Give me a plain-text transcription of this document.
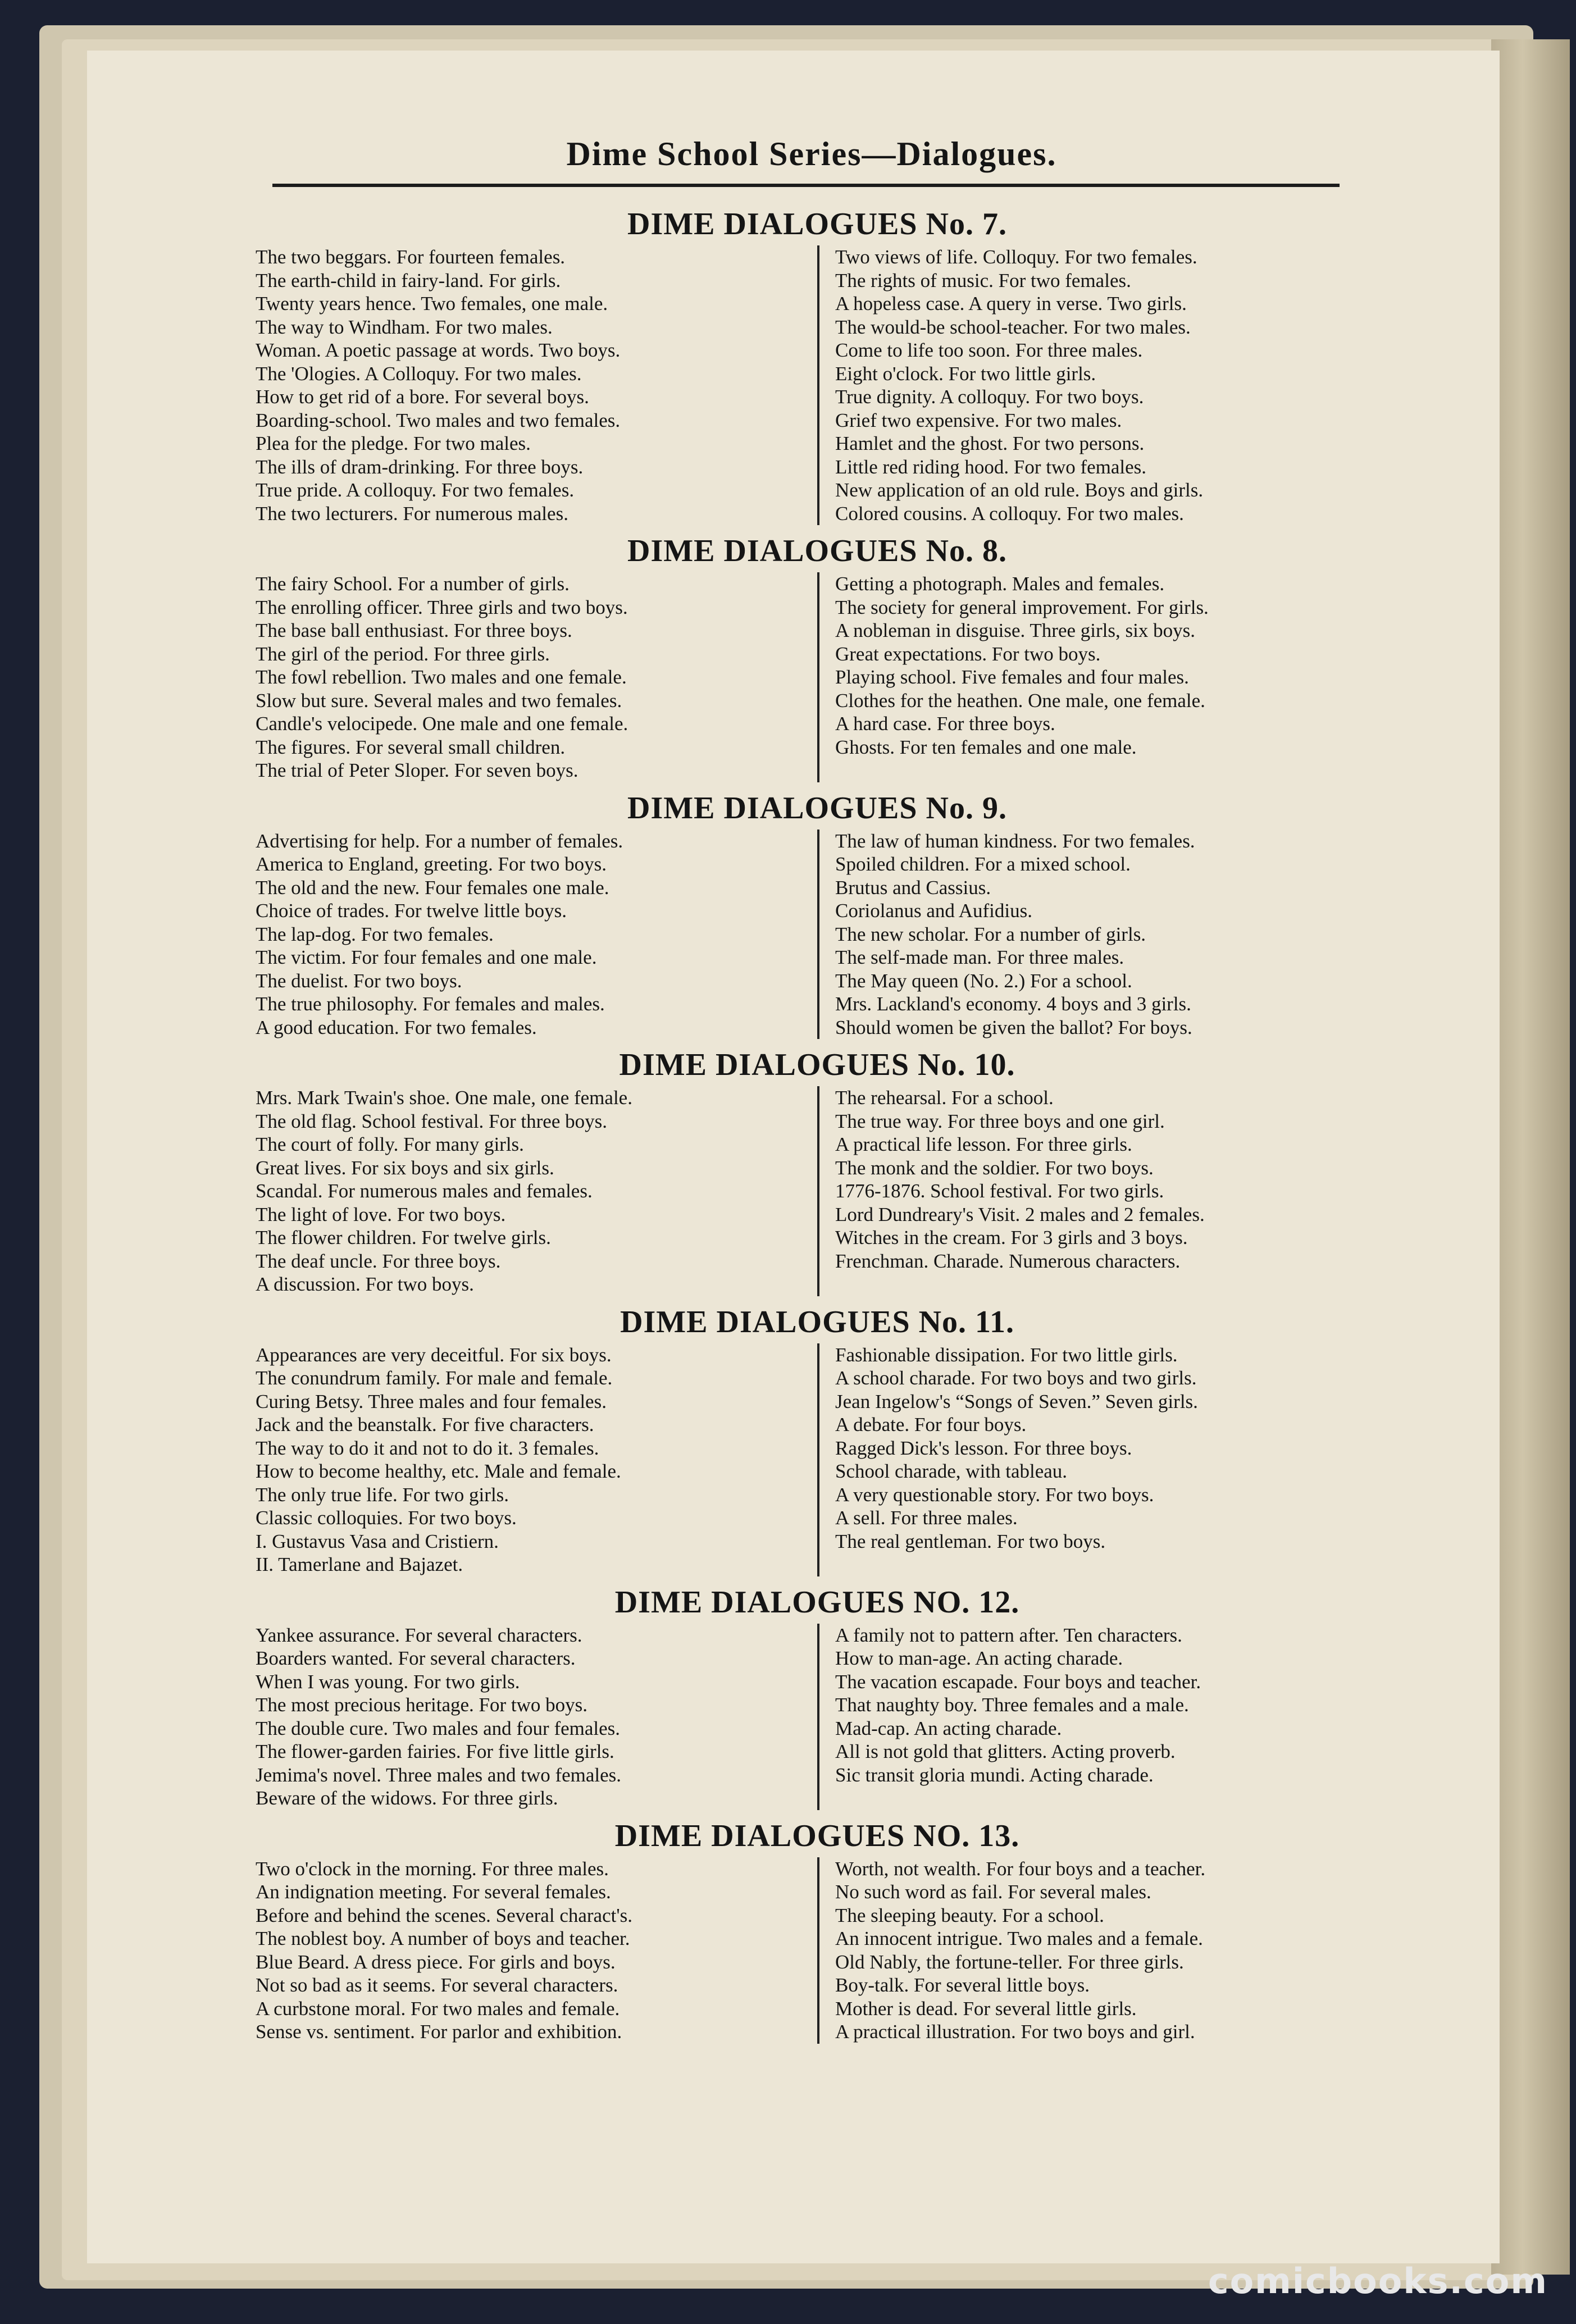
Dime School Series—Dialogues.
DIME DIALOGUES No. 7.
The two beggars. For fourteen females.
The earth-child in fairy-land. For girls.
Twenty years hence. Two females, one male.
The way to Windham. For two males.
Woman. A poetic passage at words. Two boys.
The 'Ologies. A Colloquy. For two males.
How to get rid of a bore. For several boys.
Boarding-school. Two males and two females.
Plea for the pledge. For two males.
The ills of dram-drinking. For three boys.
True pride. A colloquy. For two females.
The two lecturers. For numerous males.
Two views of life. Colloquy. For two females.
The rights of music. For two females.
A hopeless case. A query in verse. Two girls.
The would-be school-teacher. For two males.
Come to life too soon. For three males.
Eight o'clock. For two little girls.
True dignity. A colloquy. For two boys.
Grief two expensive. For two males.
Hamlet and the ghost. For two persons.
Little red riding hood. For two females.
New application of an old rule. Boys and girls.
Colored cousins. A colloquy. For two males.
DIME DIALOGUES No. 8.
The fairy School. For a number of girls.
The enrolling officer. Three girls and two boys.
The base ball enthusiast. For three boys.
The girl of the period. For three girls.
The fowl rebellion. Two males and one female.
Slow but sure. Several males and two females.
Candle's velocipede. One male and one female.
The figures. For several small children.
The trial of Peter Sloper. For seven boys.
Getting a photograph. Males and females.
The society for general improvement. For girls.
A nobleman in disguise. Three girls, six boys.
Great expectations. For two boys.
Playing school. Five females and four males.
Clothes for the heathen. One male, one female.
A hard case. For three boys.
Ghosts. For ten females and one male.
DIME DIALOGUES No. 9.
Advertising for help. For a number of females.
America to England, greeting. For two boys.
The old and the new. Four females one male.
Choice of trades. For twelve little boys.
The lap-dog. For two females.
The victim. For four females and one male.
The duelist. For two boys.
The true philosophy. For females and males.
A good education. For two females.
The law of human kindness. For two females.
Spoiled children. For a mixed school.
Brutus and Cassius.
Coriolanus and Aufidius.
The new scholar. For a number of girls.
The self-made man. For three males.
The May queen (No. 2.) For a school.
Mrs. Lackland's economy. 4 boys and 3 girls.
Should women be given the ballot? For boys.
DIME DIALOGUES No. 10.
Mrs. Mark Twain's shoe. One male, one female.
The old flag. School festival. For three boys.
The court of folly. For many girls.
Great lives. For six boys and six girls.
Scandal. For numerous males and females.
The light of love. For two boys.
The flower children. For twelve girls.
The deaf uncle. For three boys.
A discussion. For two boys.
The rehearsal. For a school.
The true way. For three boys and one girl.
A practical life lesson. For three girls.
The monk and the soldier. For two boys.
1776-1876. School festival. For two girls.
Lord Dundreary's Visit. 2 males and 2 females.
Witches in the cream. For 3 girls and 3 boys.
Frenchman. Charade. Numerous characters.
DIME DIALOGUES No. 11.
Appearances are very deceitful. For six boys.
The conundrum family. For male and female.
Curing Betsy. Three males and four females.
Jack and the beanstalk. For five characters.
The way to do it and not to do it. 3 females.
How to become healthy, etc. Male and female.
The only true life. For two girls.
Classic colloquies. For two boys.
I. Gustavus Vasa and Cristiern.
II. Tamerlane and Bajazet.
Fashionable dissipation. For two little girls.
A school charade. For two boys and two girls.
Jean Ingelow's “Songs of Seven.” Seven girls.
A debate. For four boys.
Ragged Dick's lesson. For three boys.
School charade, with tableau.
A very questionable story. For two boys.
A sell. For three males.
The real gentleman. For two boys.
DIME DIALOGUES NO. 12.
Yankee assurance. For several characters.
Boarders wanted. For several characters.
When I was young. For two girls.
The most precious heritage. For two boys.
The double cure. Two males and four females.
The flower-garden fairies. For five little girls.
Jemima's novel. Three males and two females.
Beware of the widows. For three girls.
A family not to pattern after. Ten characters.
How to man-age. An acting charade.
The vacation escapade. Four boys and teacher.
That naughty boy. Three females and a male.
Mad-cap. An acting charade.
All is not gold that glitters. Acting proverb.
Sic transit gloria mundi. Acting charade.
DIME DIALOGUES NO. 13.
Two o'clock in the morning. For three males.
An indignation meeting. For several females.
Before and behind the scenes. Several charact's.
The noblest boy. A number of boys and teacher.
Blue Beard. A dress piece. For girls and boys.
Not so bad as it seems. For several characters.
A curbstone moral. For two males and female.
Sense vs. sentiment. For parlor and exhibition.
Worth, not wealth. For four boys and a teacher.
No such word as fail. For several males.
The sleeping beauty. For a school.
An innocent intrigue. Two males and a female.
Old Nably, the fortune-teller. For three girls.
Boy-talk. For several little boys.
Mother is dead. For several little girls.
A practical illustration. For two boys and girl.
comicbooks.com
